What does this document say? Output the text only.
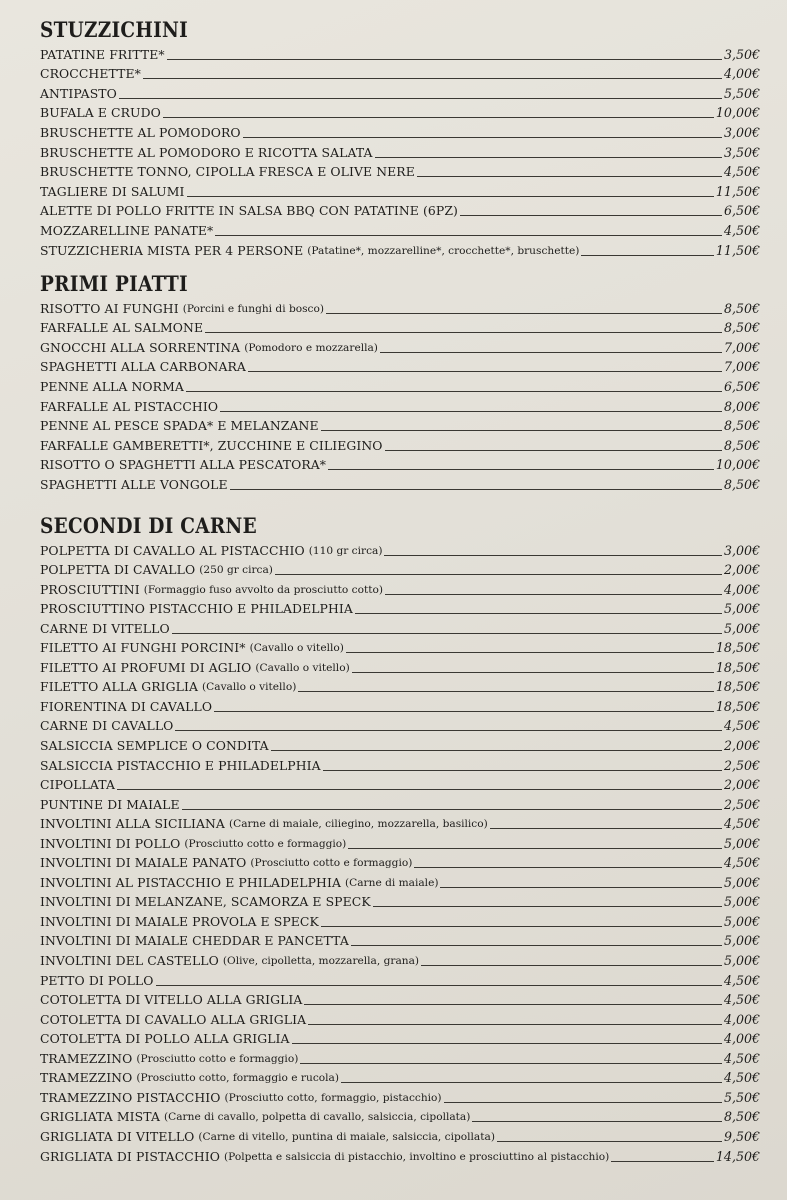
STUZZICHINI
PATATINE FRITTE*	3,50€
CROCCHETTE*	4,00€
ANTIPASTO	5,50€
BUFALA E CRUDO	10,00€
BRUSCHETTE AL POMODORO	3,00€
BRUSCHETTE AL POMODORO E RICOTTA SALATA	3,50€
BRUSCHETTE TONNO, CIPOLLA FRESCA E OLIVE NERE	4,50€
TAGLIERE DI SALUMI	11,50€
ALETTE DI POLLO FRITTE IN SALSA BBQ CON PATATINE (6PZ)	6,50€
MOZZARELLINE PANATE*	4,50€
STUZZICHERIA MISTA PER 4 PERSONE (Patatine*, mozzarelline*, crocchette*, bruschette)	11,50€
PRIMI PIATTI
RISOTTO AI FUNGHI (Porcini e funghi di bosco)	8,50€
FARFALLE AL SALMONE	8,50€
GNOCCHI ALLA SORRENTINA (Pomodoro e mozzarella)	7,00€
SPAGHETTI ALLA CARBONARA	7,00€
PENNE ALLA NORMA	6,50€
FARFALLE AL PISTACCHIO	8,00€
PENNE AL PESCE SPADA* E MELANZANE	8,50€
FARFALLE GAMBERETTI*, ZUCCHINE E CILIEGINO	8,50€
RISOTTO O SPAGHETTI ALLA PESCATORA*	10,00€
SPAGHETTI ALLE VONGOLE	8,50€
SECONDI DI CARNE
POLPETTA DI CAVALLO AL PISTACCHIO (110 gr circa)	3,00€
POLPETTA DI CAVALLO (250 gr circa)	2,00€
PROSCIUTTINI (Formaggio fuso avvolto da prosciutto cotto)	4,00€
PROSCIUTTINO PISTACCHIO E PHILADELPHIA	5,00€
CARNE DI VITELLO	5,00€
FILETTO AI FUNGHI PORCINI* (Cavallo o vitello)	18,50€
FILETTO AI PROFUMI DI AGLIO (Cavallo o vitello)	18,50€
FILETTO ALLA GRIGLIA (Cavallo o vitello)	18,50€
FIORENTINA DI CAVALLO	18,50€
CARNE DI CAVALLO	4,50€
SALSICCIA SEMPLICE O CONDITA	2,00€
SALSICCIA PISTACCHIO E PHILADELPHIA	2,50€
CIPOLLATA	2,00€
PUNTINE DI MAIALE	2,50€
INVOLTINI ALLA SICILIANA (Carne di maiale, ciliegino, mozzarella, basilico)	4,50€
INVOLTINI DI POLLO (Prosciutto cotto e formaggio)	5,00€
INVOLTINI DI MAIALE PANATO (Prosciutto cotto e formaggio)	4,50€
INVOLTINI AL PISTACCHIO E PHILADELPHIA (Carne di maiale)	5,00€
INVOLTINI DI MELANZANE, SCAMORZA E SPECK	5,00€
INVOLTINI DI MAIALE PROVOLA E SPECK	5,00€
INVOLTINI DI MAIALE CHEDDAR E PANCETTA	5,00€
INVOLTINI DEL CASTELLO (Olive, cipolletta, mozzarella, grana)	5,00€
PETTO DI POLLO	4,50€
COTOLETTA DI VITELLO ALLA GRIGLIA	4,50€
COTOLETTA DI CAVALLO ALLA GRIGLIA	4,00€
COTOLETTA DI POLLO ALLA GRIGLIA	4,00€
TRAMEZZINO (Prosciutto cotto e formaggio)	4,50€
TRAMEZZINO (Prosciutto cotto, formaggio e rucola)	4,50€
TRAMEZZINO PISTACCHIO (Prosciutto cotto, formaggio, pistacchio)	5,50€
GRIGLIATA MISTA (Carne di cavallo, polpetta di cavallo, salsiccia, cipollata)	8,50€
GRIGLIATA DI VITELLO (Carne di vitello, puntina di maiale, salsiccia, cipollata)	9,50€
GRIGLIATA DI PISTACCHIO (Polpetta e salsiccia di pistacchio, involtino e prosciuttino al pistacchio)	14,50€
